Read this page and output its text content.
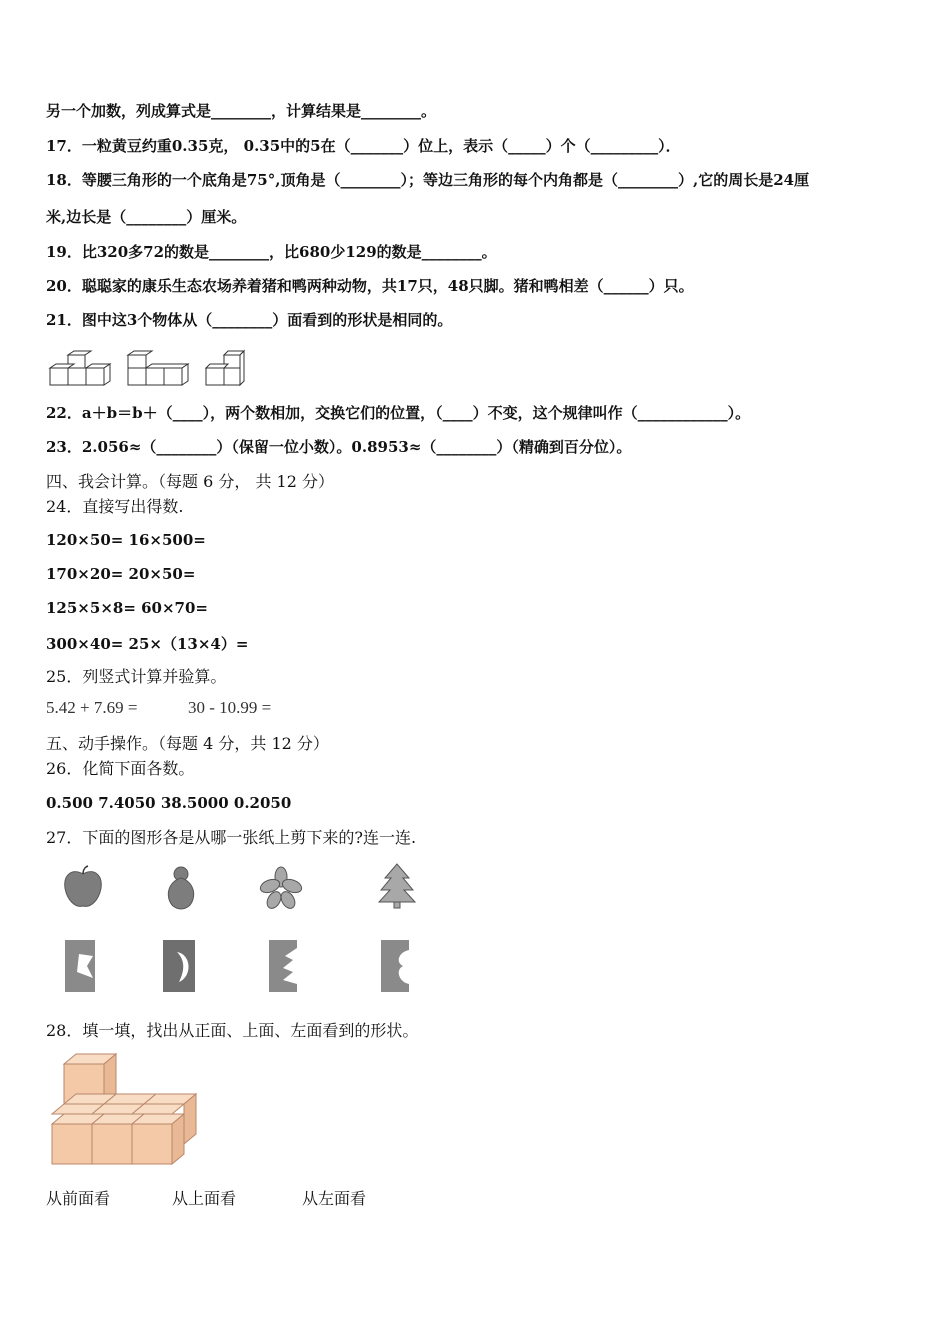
另一个加数，列成算式是________，计算结果是________。
17．一粒黄豆约重0.35克， 0.35中的5在（_______）位上，表示（_____）个（_________）．
18．等腰三角形的一个底角是75°,顶角是（________）；等边三角形的每个内角都是（________）,它的周长是24厘
米,边长是（________）厘米。
19．比320多72的数是________，比680少129的数是________。
20．聪聪家的康乐生态农场养着猪和鸭两种动物，共17只，48只脚。猪和鸭相差（______）只。
21．图中这3个物体从（________）面看到的形状是相同的。
22．a＋b＝b＋（____），两个数相加，交换它们的位置，（____）不变，这个规律叫作（____________）。
23．2.056≈（________）（保留一位小数）。0.8953≈（________）（精确到百分位）。
四、我会计算。（每题 6 分， 共 12 分）
24．直接写出得数.
120×50= 16×500=
170×20= 20×50=
125×5×8= 60×70=
300×40= 25×（13×4）=
25．列竖式计算并验算。
5.42 + 7.69 =	30 - 10.99 =
五、动手操作。（每题 4 分，共 12 分）
26．化简下面各数。
0.500 7.4050 38.5000 0.2050
27．下面的图形各是从哪一张纸上剪下来的?连一连.
28．填一填，找出从正面、上面、左面看到的形状。
从前面看	从上面看	从左面看
